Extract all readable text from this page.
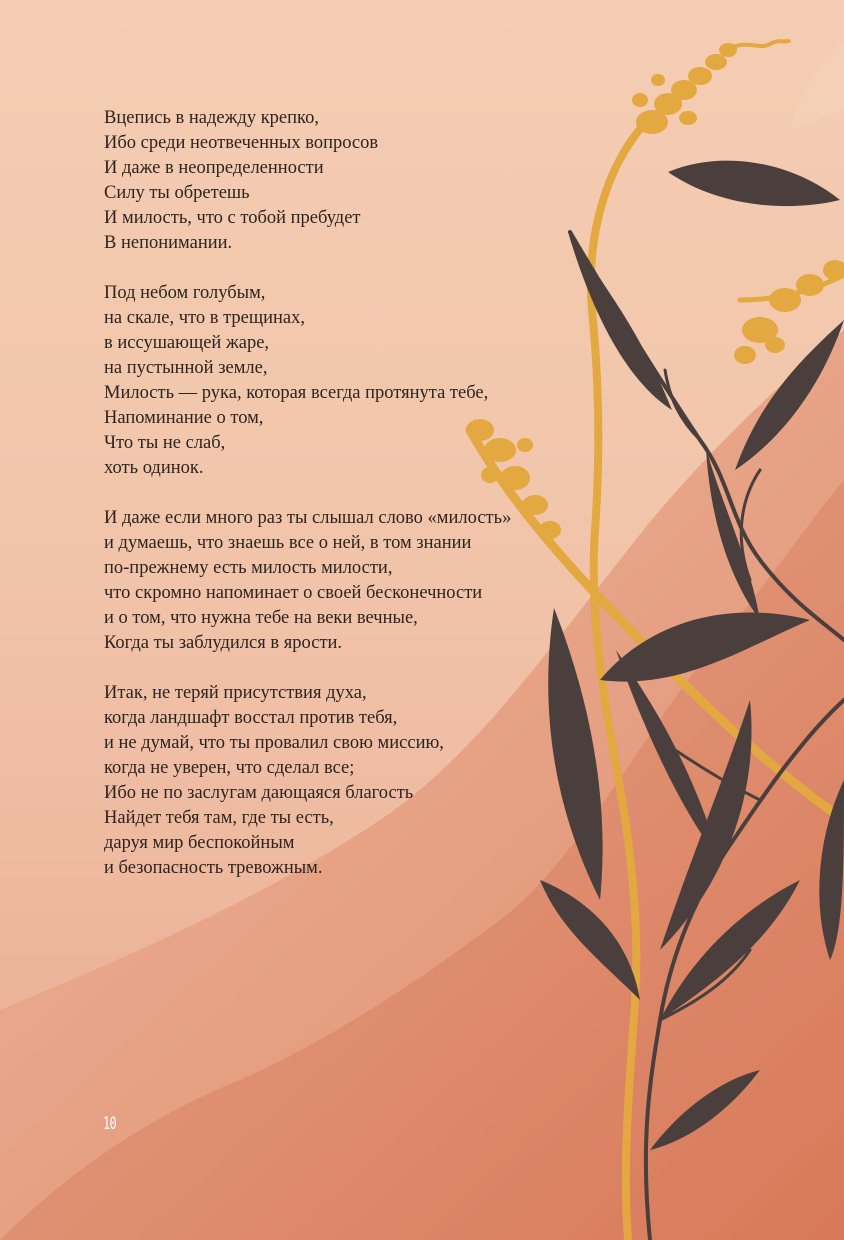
Вцепись в надежду крепко,
Ибо среди неотвеченных вопросов
И даже в неопределенности
Силу ты обретешь
И милость, что с тобой пребудет
В непонимании.
Под небом голубым,
на скале, что в трещинах,
в иссушающей жаре,
на пустынной земле,
Милость — рука, которая всегда протянута тебе,
Напоминание о том,
Что ты не слаб,
хоть одинок.
И даже если много раз ты слышал слово «милость»
и думаешь, что знаешь все о ней, в том знании
по-прежнему есть милость милости,
что скромно напоминает о своей бесконечности
и о том, что нужна тебе на веки вечные,
Когда ты заблудился в ярости.
Итак, не теряй присутствия духа,
когда ландшафт восстал против тебя,
и не думай, что ты провалил свою миссию,
когда не уверен, что сделал все;
Ибо не по заслугам дающаяся благость
Найдет тебя там, где ты есть,
даруя мир беспокойным
и безопасность тревожным.
10
